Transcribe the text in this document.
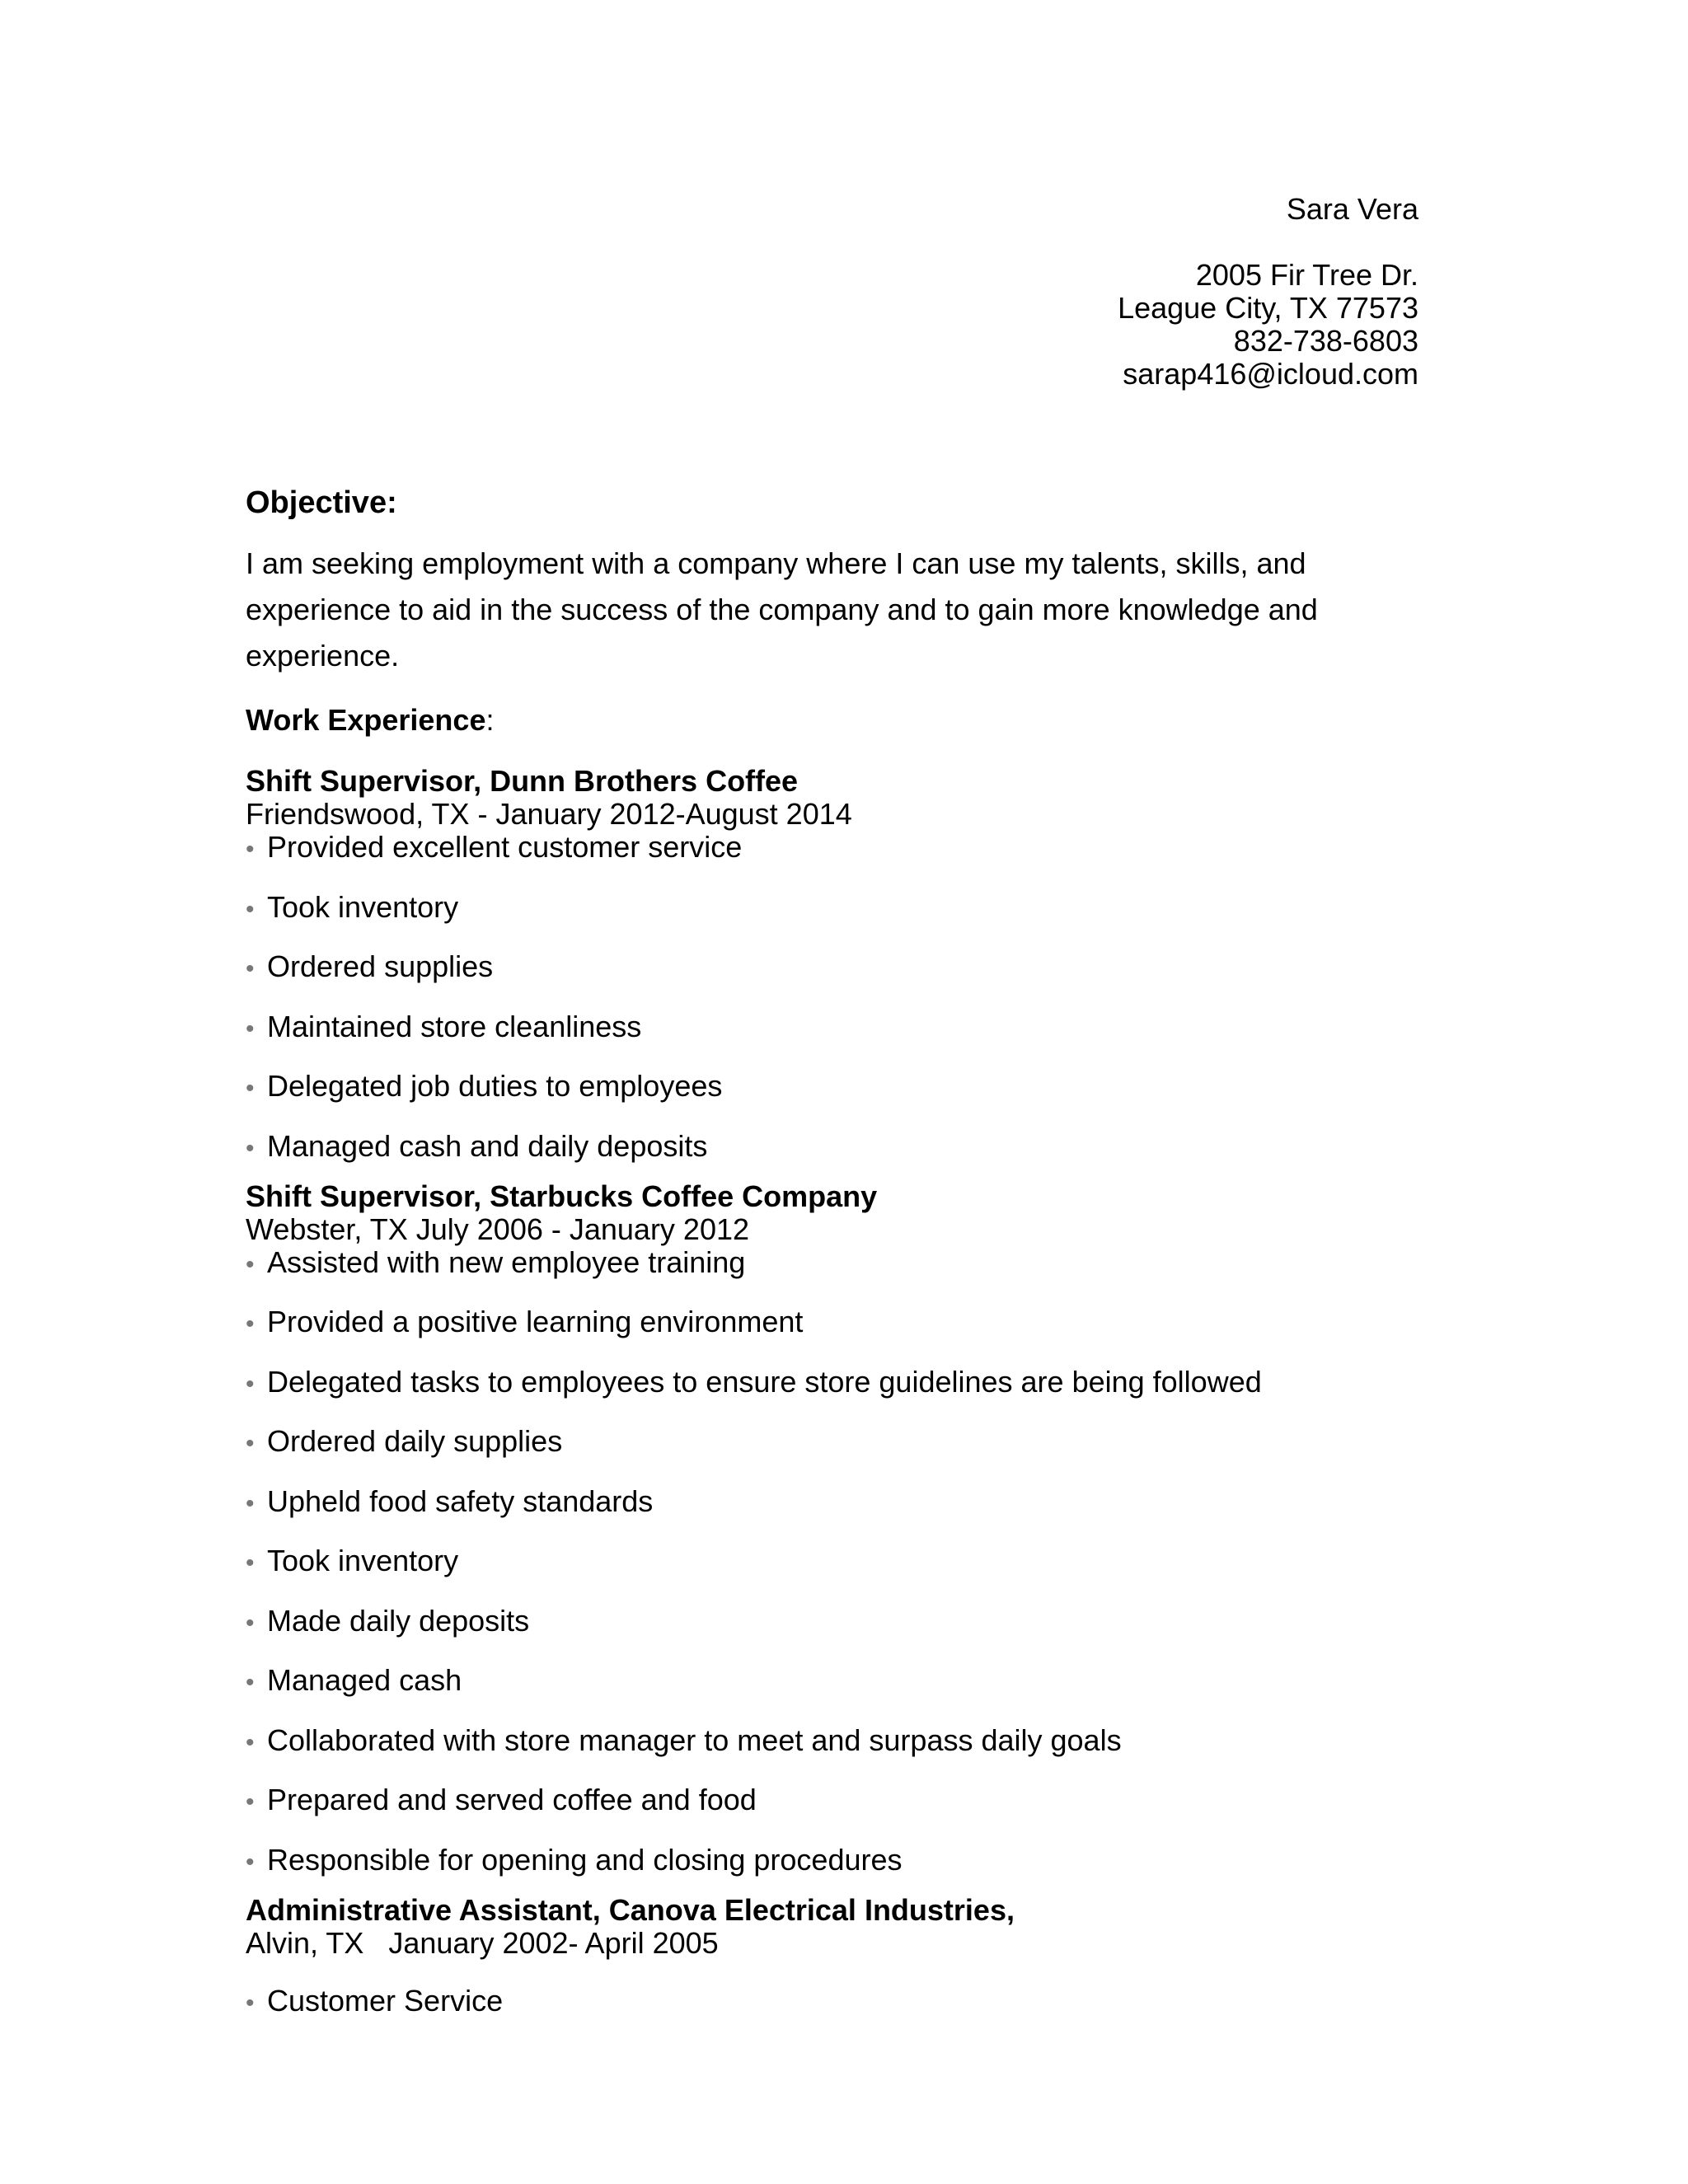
Sara Vera
2005 Fir Tree Dr.
League City, TX 77573
832-738-6803
sarap416@icloud.com
Objective:
I am seeking employment with a company where I can use my talents, skills, and experience to aid in the success of the company and to gain more knowledge and experience.
Work Experience:
Shift Supervisor, Dunn Brothers Coffee
Friendswood, TX - January 2012-August 2014
• Provided excellent customer service
• Took inventory
• Ordered supplies
• Maintained store cleanliness
• Delegated job duties to employees
• Managed cash and daily deposits
Shift Supervisor, Starbucks Coffee Company
Webster, TX July 2006 - January 2012
• Assisted with new employee training
• Provided a positive learning environment
• Delegated tasks to employees to ensure store guidelines are being followed
• Ordered daily supplies
• Upheld food safety standards
• Took inventory
• Made daily deposits
• Managed cash
• Collaborated with store manager to meet and surpass daily goals
• Prepared and served coffee and food
• Responsible for opening and closing procedures
Administrative Assistant, Canova Electrical Industries,
Alvin, TX   January 2002- April 2005
• Customer Service
